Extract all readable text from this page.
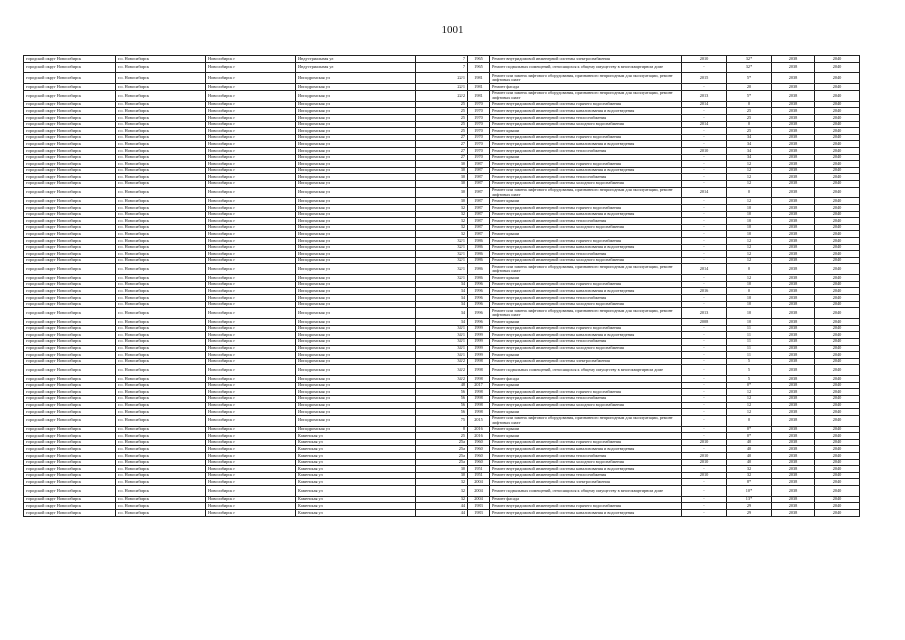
1001
городской округ Новосибирск	г.о. Новосибирск	Новосибирск г	Индустриальная ул	7	1965	Ремонт внутридомовой инженерной системы электроснабжения	2010	32*	2038	2040
городской округ Новосибирск	г.о. Новосибирск	Новосибирск г	Индустриальная ул	7	1965	Ремонт подвальных помещений, относящихся к общему имуществу в многоквартирном доме	-	32*	2038	2040
городской округ Новосибирск	г.о. Новосибирск	Новосибирск г	Ипподромская ул	22/1	1981	Ремонт или замена лифтового оборудования, признанного непригодным для эксплуатации, ремонт лифтовых шахт	2015	5*	2038	2040
городской округ Новосибирск	г.о. Новосибирск	Новосибирск г	Ипподромская ул	22/1	1981	Ремонт фасада	-	20	2038	2040
городской округ Новосибирск	г.о. Новосибирск	Новосибирск г	Ипподромская ул	22/2	1981	Ремонт или замена лифтового оборудования, признанного непригодным для эксплуатации, ремонт лифтовых шахт	2013	5*	2038	2040
городской округ Новосибирск	г.о. Новосибирск	Новосибирск г	Ипподромская ул	25	1970	Ремонт внутридомовой инженерной системы горячего водоснабжения	2014	0	2038	2040
городской округ Новосибирск	г.о. Новосибирск	Новосибирск г	Ипподромская ул	25	1970	Ремонт внутридомовой инженерной системы канализования и водоотведения	-	25	2038	2040
городской округ Новосибирск	г.о. Новосибирск	Новосибирск г	Ипподромская ул	25	1970	Ремонт внутридомовой инженерной системы теплоснабжения	-	25	2038	2040
городской округ Новосибирск	г.о. Новосибирск	Новосибирск г	Ипподромская ул	25	1970	Ремонт внутридомовой инженерной системы холодного водоснабжения	2014	0	2038	2040
городской округ Новосибирск	г.о. Новосибирск	Новосибирск г	Ипподромская ул	25	1970	Ремонт крыши	-	25	2038	2040
городской округ Новосибирск	г.о. Новосибирск	Новосибирск г	Ипподромская ул	27	1970	Ремонт внутридомовой инженерной системы горячего водоснабжения	-	34	2038	2040
городской округ Новосибирск	г.о. Новосибирск	Новосибирск г	Ипподромская ул	27	1970	Ремонт внутридомовой инженерной системы канализования и водоотведения	-	34	2038	2040
городской округ Новосибирск	г.о. Новосибирск	Новосибирск г	Ипподромская ул	27	1970	Ремонт внутридомовой инженерной системы теплоснабжения	2010	34	2038	2040
городской округ Новосибирск	г.о. Новосибирск	Новосибирск г	Ипподромская ул	27	1970	Ремонт крыши	-	34	2038	2040
городской округ Новосибирск	г.о. Новосибирск	Новосибирск г	Ипподромская ул	30	1987	Ремонт внутридомовой инженерной системы горячего водоснабжения	-	12	2038	2040
городской округ Новосибирск	г.о. Новосибирск	Новосибирск г	Ипподромская ул	30	1987	Ремонт внутридомовой инженерной системы канализования и водоотведения	-	12	2038	2040
городской округ Новосибирск	г.о. Новосибирск	Новосибирск г	Ипподромская ул	30	1987	Ремонт внутридомовой инженерной системы теплоснабжения	-	12	2038	2040
городской округ Новосибирск	г.о. Новосибирск	Новосибирск г	Ипподромская ул	30	1987	Ремонт внутридомовой инженерной системы холодного водоснабжения	-	12	2038	2040
городской округ Новосибирск	г.о. Новосибирск	Новосибирск г	Ипподромская ул	30	1987	Ремонт или замена лифтового оборудования, признанного непригодным для эксплуатации, ремонт лифтовых шахт	2014	0	2038	2040
городской округ Новосибирск	г.о. Новосибирск	Новосибирск г	Ипподромская ул	30	1987	Ремонт крыши	-	12	2038	2040
городской округ Новосибирск	г.о. Новосибирск	Новосибирск г	Ипподромская ул	32	1987	Ремонт внутридомовой инженерной системы горячего водоснабжения	-	10	2038	2040
городской округ Новосибирск	г.о. Новосибирск	Новосибирск г	Ипподромская ул	32	1987	Ремонт внутридомовой инженерной системы канализования и водоотведения	-	10	2038	2040
городской округ Новосибирск	г.о. Новосибирск	Новосибирск г	Ипподромская ул	32	1987	Ремонт внутридомовой инженерной системы теплоснабжения	-	10	2038	2040
городской округ Новосибирск	г.о. Новосибирск	Новосибирск г	Ипподромская ул	32	1987	Ремонт внутридомовой инженерной системы холодного водоснабжения	-	10	2038	2040
городской округ Новосибирск	г.о. Новосибирск	Новосибирск г	Ипподромская ул	32	1987	Ремонт крыши	-	10	2038	2040
городской округ Новосибирск	г.о. Новосибирск	Новосибирск г	Ипподромская ул	32/1	1986	Ремонт внутридомовой инженерной системы горячего водоснабжения	-	12	2038	2040
городской округ Новосибирск	г.о. Новосибирск	Новосибирск г	Ипподромская ул	32/1	1986	Ремонт внутридомовой инженерной системы канализования и водоотведения	-	12	2038	2040
городской округ Новосибирск	г.о. Новосибирск	Новосибирск г	Ипподромская ул	32/1	1986	Ремонт внутридомовой инженерной системы теплоснабжения	-	12	2038	2040
городской округ Новосибирск	г.о. Новосибирск	Новосибирск г	Ипподромская ул	32/1	1986	Ремонт внутридомовой инженерной системы холодного водоснабжения	-	12	2038	2040
городской округ Новосибирск	г.о. Новосибирск	Новосибирск г	Ипподромская ул	32/1	1986	Ремонт или замена лифтового оборудования, признанного непригодным для эксплуатации, ремонт лифтовых шахт	2014	0	2038	2040
городской округ Новосибирск	г.о. Новосибирск	Новосибирск г	Ипподромская ул	32/1	1986	Ремонт крыши	-	12	2038	2040
городской округ Новосибирск	г.о. Новосибирск	Новосибирск г	Ипподромская ул	34	1996	Ремонт внутридомовой инженерной системы горячего водоснабжения	-	10	2038	2040
городской округ Новосибирск	г.о. Новосибирск	Новосибирск г	Ипподромская ул	34	1996	Ремонт внутридомовой инженерной системы канализования и водоотведения	2016	0	2038	2040
городской округ Новосибирск	г.о. Новосибирск	Новосибирск г	Ипподромская ул	34	1996	Ремонт внутридомовой инженерной системы теплоснабжения	-	10	2038	2040
городской округ Новосибирск	г.о. Новосибирск	Новосибирск г	Ипподромская ул	34	1996	Ремонт внутридомовой инженерной системы холодного водоснабжения	-	10	2038	2040
городской округ Новосибирск	г.о. Новосибирск	Новосибирск г	Ипподромская ул	34	1996	Ремонт или замена лифтового оборудования, признанного непригодным для эксплуатации, ремонт лифтовых шахт	2013	10	2038	2040
городской округ Новосибирск	г.о. Новосибирск	Новосибирск г	Ипподромская ул	34	1996	Ремонт крыши	2008	10	2038	2040
городской округ Новосибирск	г.о. Новосибирск	Новосибирск г	Ипподромская ул	34/1	1999	Ремонт внутридомовой инженерной системы горячего водоснабжения	-	11	2038	2040
городской округ Новосибирск	г.о. Новосибирск	Новосибирск г	Ипподромская ул	34/1	1999	Ремонт внутридомовой инженерной системы канализования и водоотведения	-	11	2038	2040
городской округ Новосибирск	г.о. Новосибирск	Новосибирск г	Ипподромская ул	34/1	1999	Ремонт внутридомовой инженерной системы теплоснабжения	-	11	2038	2040
городской округ Новосибирск	г.о. Новосибирск	Новосибирск г	Ипподромская ул	34/1	1999	Ремонт внутридомовой инженерной системы холодного водоснабжения	-	11	2038	2040
городской округ Новосибирск	г.о. Новосибирск	Новосибирск г	Ипподромская ул	34/1	1999	Ремонт крыши	-	11	2038	2040
городской округ Новосибирск	г.о. Новосибирск	Новосибирск г	Ипподромская ул	34/2	1998	Ремонт внутридомовой инженерной системы электроснабжения	-	5	2038	2040
городской округ Новосибирск	г.о. Новосибирск	Новосибирск г	Ипподромская ул	34/2	1998	Ремонт подвальных помещений, относящихся к общему имуществу в многоквартирном доме	-	5	2038	2040
городской округ Новосибирск	г.о. Новосибирск	Новосибирск г	Ипподромская ул	34/2	1998	Ремонт фасада	-	5	2038	2040
городской округ Новосибирск	г.о. Новосибирск	Новосибирск г	Ипподромская ул	48	2017	Ремонт крыши	-	0*	2038	2040
городской округ Новосибирск	г.о. Новосибирск	Новосибирск г	Ипподромская ул	56	1998	Ремонт внутридомовой инженерной системы горячего водоснабжения	-	12	2038	2040
городской округ Новосибирск	г.о. Новосибирск	Новосибирск г	Ипподромская ул	56	1998	Ремонт внутридомовой инженерной системы теплоснабжения	-	12	2038	2040
городской округ Новосибирск	г.о. Новосибирск	Новосибирск г	Ипподромская ул	56	1998	Ремонт внутридомовой инженерной системы холодного водоснабжения	-	12	2038	2040
городской округ Новосибирск	г.о. Новосибирск	Новосибирск г	Ипподромская ул	56	1998	Ремонт крыши	-	12	2038	2040
городской округ Новосибирск	г.о. Новосибирск	Новосибирск г	Ипподромская ул	75	2015	Ремонт или замена лифтового оборудования, признанного непригодным для эксплуатации, ремонт лифтовых шахт	-	0	2038	2040
городской округ Новосибирск	г.о. Новосибирск	Новосибирск г	Ипподромская ул	8	2016	Ремонт крыши	-	0*	2038	2040
городской округ Новосибирск	г.о. Новосибирск	Новосибирск г	Каменская ул	25	2016	Ремонт крыши	-	0*	2038	2040
городской округ Новосибирск	г.о. Новосибирск	Новосибирск г	Каменская ул	25а	1960	Ремонт внутридомовой инженерной системы горячего водоснабжения	2010	40	2038	2040
городской округ Новосибирск	г.о. Новосибирск	Новосибирск г	Каменская ул	25а	1960	Ремонт внутридомовой инженерной системы канализования и водоотведения	-	40	2038	2040
городской округ Новосибирск	г.о. Новосибирск	Новосибирск г	Каменская ул	25а	1960	Ремонт внутридомовой инженерной системы теплоснабжения	2010	40	2038	2040
городской округ Новосибирск	г.о. Новосибирск	Новосибирск г	Каменская ул	25а	1960	Ремонт внутридомовой инженерной системы холодного водоснабжения	2010	40	2038	2040
городской округ Новосибирск	г.о. Новосибирск	Новосибирск г	Каменская ул	30	1951	Ремонт внутридомовой инженерной системы канализования и водоотведения	-	32	2038	2040
городской округ Новосибирск	г.о. Новосибирск	Новосибирск г	Каменская ул	30	1951	Ремонт внутридомовой инженерной системы теплоснабжения	2010	32	2038	2040
городской округ Новосибирск	г.о. Новосибирск	Новосибирск г	Каменская ул	32	2004	Ремонт внутридомовой инженерной системы электроснабжения	-	8*	2038	2040
городской округ Новосибирск	г.о. Новосибирск	Новосибирск г	Каменская ул	32	2004	Ремонт подвальных помещений, относящихся к общему имуществу в многоквартирном доме	-	10*	2038	2040
городской округ Новосибирск	г.о. Новосибирск	Новосибирск г	Каменская ул	32	2004	Ремонт фасада	-	13*	2038	2040
городской округ Новосибирск	г.о. Новосибирск	Новосибирск г	Каменская ул	44	1983	Ремонт внутридомовой инженерной системы горячего водоснабжения	-	29	2038	2040
городской округ Новосибирск	г.о. Новосибирск	Новосибирск г	Каменская ул	44	1983	Ремонт внутридомовой инженерной системы канализования и водоотведения	-	29	2038	2040
